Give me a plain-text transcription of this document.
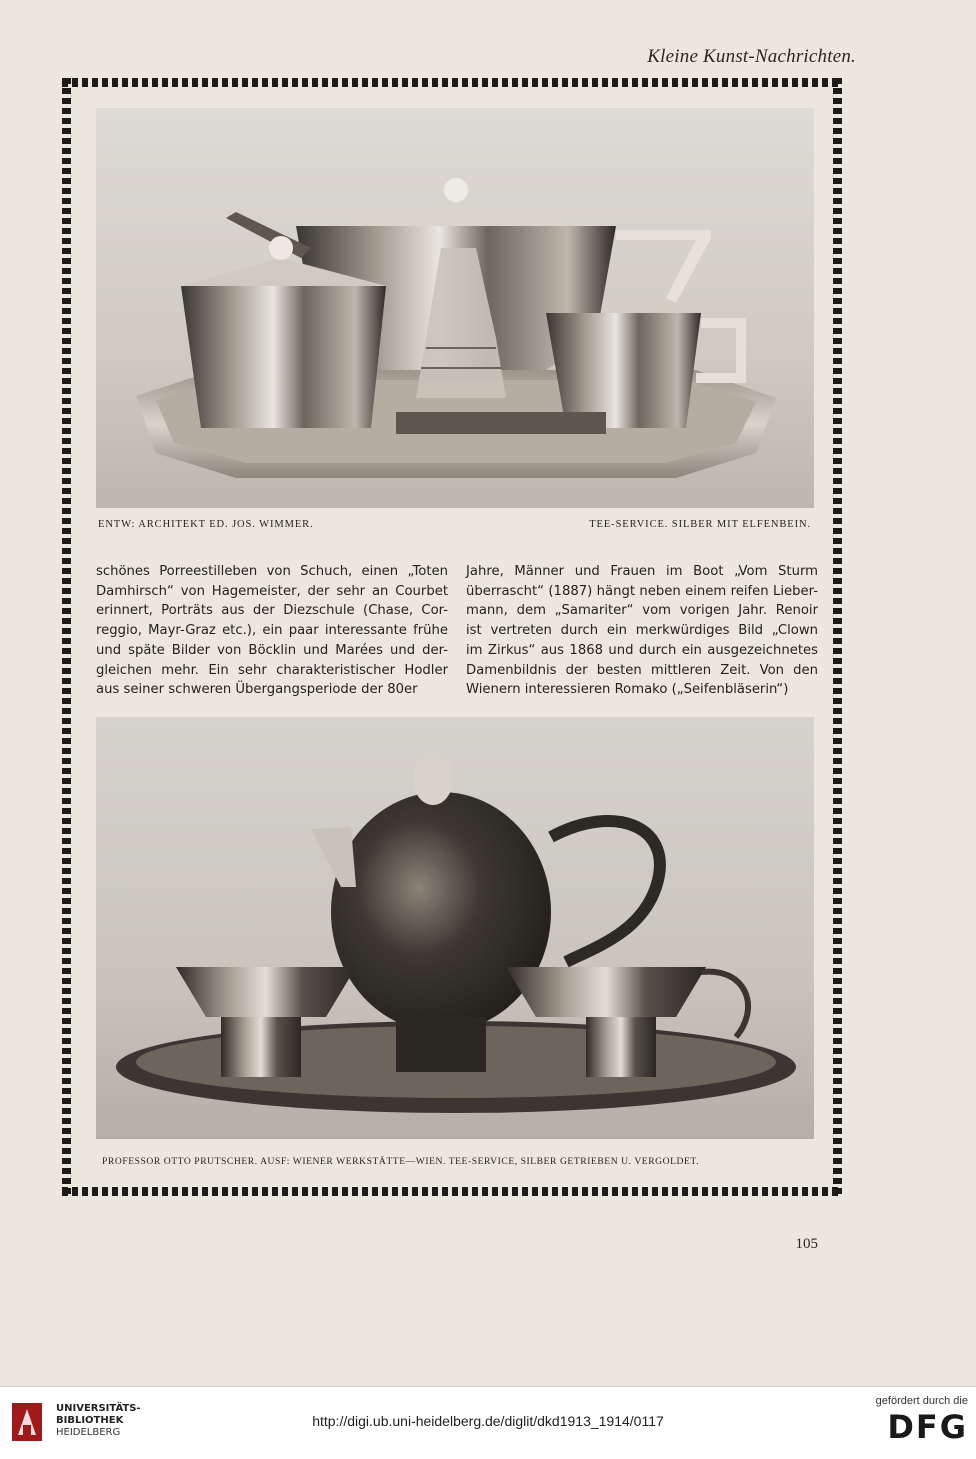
Kleine Kunst-Nachrichten.
ENTW: ARCHITEKT ED. JOS. WIMMER.	TEE-SERVICE. SILBER MIT ELFENBEIN.
schönes Porreestilleben von Schuch, einen „Toten
Damhirsch“ von Hagemeister, der sehr an Courbet
erinnert, Porträts aus der Diezschule (Chase, Cor-
reggio, Mayr-Graz etc.), ein paar interessante frühe
und späte Bilder von Böcklin und Marées und der-
gleichen mehr. Ein sehr charakteristischer Hodler
aus seiner schweren Übergangsperiode der 80er
Jahre, Männer und Frauen im Boot „Vom Sturm
überrascht“ (1887) hängt neben einem reifen Lieber-
mann, dem „Samariter“ vom vorigen Jahr. Renoir
ist vertreten durch ein merkwürdiges Bild „Clown
im Zirkus“ aus 1868 und durch ein ausgezeichnetes
Damenbildnis der besten mittleren Zeit. Von den
Wienern interessieren Romako („Seifenbläserin“)
PROFESSOR OTTO PRUTSCHER. AUSF: WIENER WERKSTÄTTE—WIEN. TEE-SERVICE, SILBER GETRIEBEN U. VERGOLDET.
105
UNIVERSITÄTS-
BIBLIOTHEK
HEIDELBERG
http://digi.ub.uni-heidelberg.de/diglit/dkd1913_1914/0117
gefördert durch die
DFG
